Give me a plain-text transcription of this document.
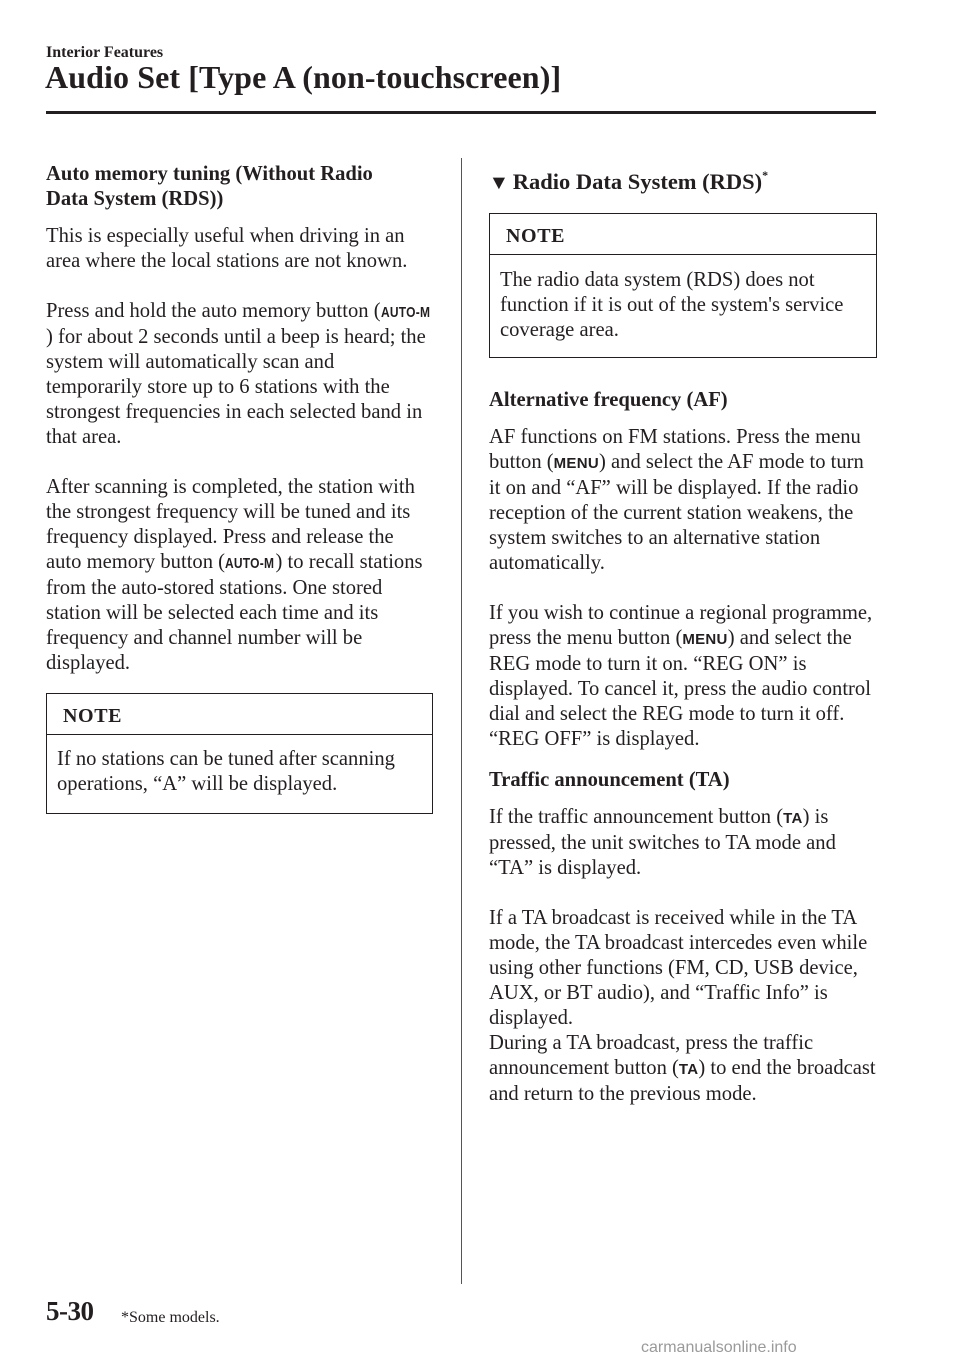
Interior Features
Audio Set [Type A (non-touchscreen)]
Auto memory tuning (Without Radio
Data System (RDS))

This is especially useful when driving in an area where the local stations are not known.

Press and hold the auto memory button (AUTO-M) for about 2 seconds until a beep is heard; the system will automatically scan and temporarily store up to 6 stations with the strongest frequencies in each selected band in that area.

After scanning is completed, the station with the strongest frequency will be tuned and its frequency displayed. Press and release the auto memory button (AUTO-M) to recall stations from the auto-stored stations. One stored station will be selected each time and its frequency and channel number will be displayed.

NOTE
If no stations can be tuned after scanning operations, “A” will be displayed.
▼ Radio Data System (RDS)*
NOTE
The radio data system (RDS) does not function if it is out of the system's service coverage area.
Alternative frequency (AF)

AF functions on FM stations. Press the menu button (MENU) and select the AF mode to turn it on and “AF” will be displayed. If the radio reception of the current station weakens, the system switches to an alternative station automatically.

If you wish to continue a regional programme, press the menu button (MENU) and select the REG mode to turn it on. “REG ON” is displayed. To cancel it, press the audio control dial and select the REG mode to turn it off. “REG OFF” is displayed.

Traffic announcement (TA)

If the traffic announcement button (TA) is pressed, the unit switches to TA mode and “TA” is displayed.

If a TA broadcast is received while in the TA mode, the TA broadcast intercedes even while using other functions (FM, CD, USB device, AUX, or BT audio), and “Traffic Info” is displayed.

During a TA broadcast, press the traffic announcement button (TA) to end the broadcast and return to the previous mode.

5-30 *Some models.
carmanualsonline.info
